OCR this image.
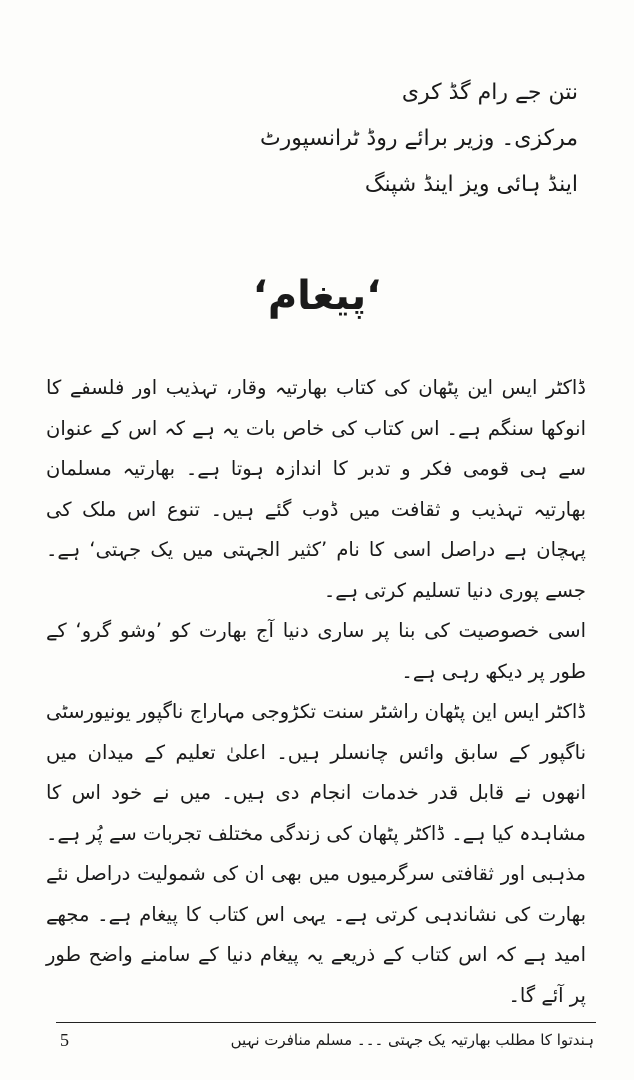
نتن جے رام گڈ کری
مرکزی۔ وزیر برائے روڈ ٹرانسپورٹ
اینڈ ہائی ویز اینڈ شپنگ
‘پیغام‘

ڈاکٹر ایس این پٹھان کی کتاب بھارتیہ وقار، تہذیب اور فلسفے کا انوکھا سنگم ہے۔ اس کتاب کی خاص بات یہ ہے کہ اس کے عنوان سے ہی قومی فکر و تدبر کا اندازہ ہوتا ہے۔ بھارتیہ مسلمان بھارتیہ تہذیب و ثقافت میں ڈوب گئے ہیں۔ تنوع اس ملک کی پہچان ہے دراصل اسی کا نام ’کثیر الجہتی میں یک جہتی‘ ہے۔ جسے پوری دنیا تسلیم کرتی ہے۔

اسی خصوصیت کی بنا پر ساری دنیا آج بھارت کو ’وشو گرو‘ کے طور پر دیکھ رہی ہے۔

ڈاکٹر ایس این پٹھان راشٹر سنت تکڑوجی مہاراج ناگپور یونیورسٹی ناگپور کے سابق وائس چانسلر ہیں۔ اعلیٰ تعلیم کے میدان میں انھوں نے قابل قدر خدمات انجام دی ہیں۔ میں نے خود اس کا مشاہدہ کیا ہے۔ ڈاکٹر پٹھان کی زندگی مختلف تجربات سے پُر ہے۔ مذہبی اور ثقافتی سرگرمیوں میں بھی ان کی شمولیت دراصل نئے بھارت کی نشاندہی کرتی ہے۔ یہی اس کتاب کا پیغام ہے۔ مجھے امید ہے کہ اس کتاب کے ذریعے یہ پیغام دنیا کے سامنے واضح طور پر آئے گا۔

ہندتوا کا مطلب بھارتیہ یک جہتی ۔۔۔ مسلم منافرت نہیں
5
